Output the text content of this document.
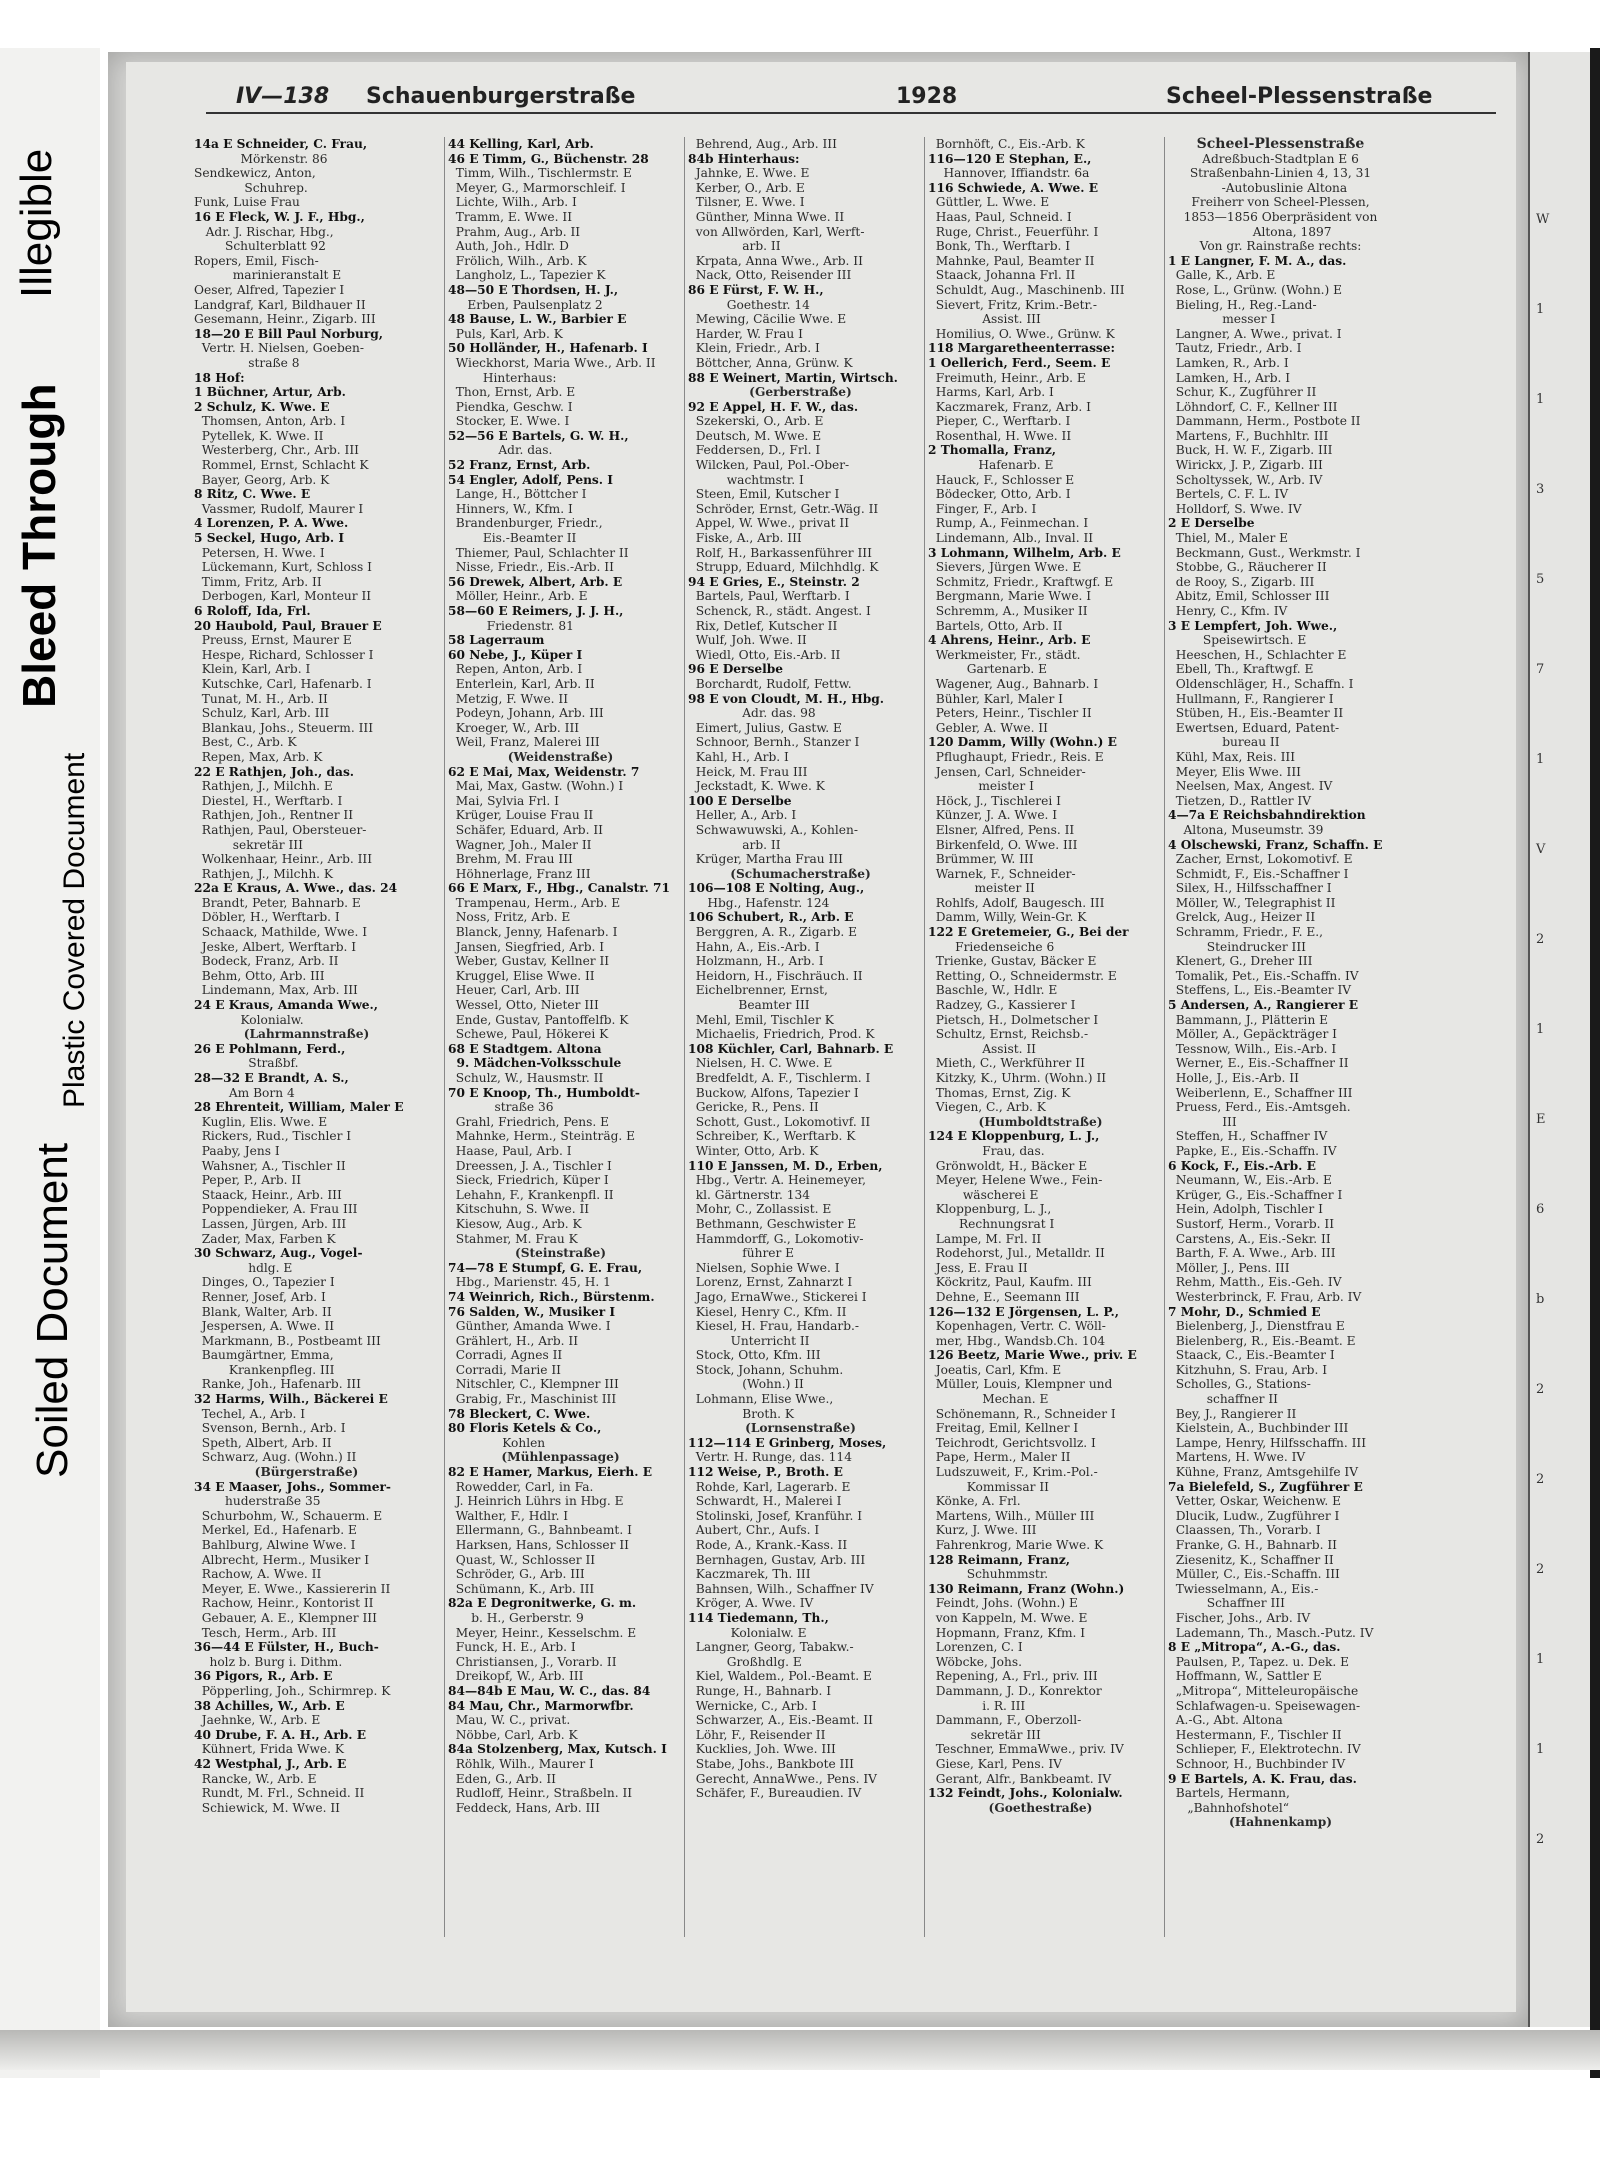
Soiled Document
Plastic Covered Document
Bleed Through
Illegible
IV—138 Schauenburgerstraße	1928	Scheel-Plessenstraße
14a E Schneider, C. Frau,
Mörkenstr. 86
Sendkewicz, Anton,
Schuhrep.
Funk, Luise Frau
16 E Fleck, W. J. F., Hbg.,
Adr. J. Rischar, Hbg.,
Schulterblatt 92
Ropers, Emil, Fisch-
marinieranstalt E
Oeser, Alfred, Tapezier I
Landgraf, Karl, Bildhauer II
Gesemann, Heinr., Zigarb. III
18—20 E Bill Paul Norburg,
Vertr. H. Nielsen, Goeben-
straße 8
18 Hof:
1 Büchner, Artur, Arb.
2 Schulz, K. Wwe. E
Thomsen, Anton, Arb. I
Pytellek, K. Wwe. II
Westerberg, Chr., Arb. III
Rommel, Ernst, Schlacht K
Bayer, Georg, Arb. K
8 Ritz, C. Wwe. E
Vassmer, Rudolf, Maurer I
4 Lorenzen, P. A. Wwe.
5 Seckel, Hugo, Arb. I
Petersen, H. Wwe. I
Lückemann, Kurt, Schloss I
Timm, Fritz, Arb. II
Derbogen, Karl, Monteur II
6 Roloff, Ida, Frl.
20 Haubold, Paul, Brauer E
Preuss, Ernst, Maurer E
Hespe, Richard, Schlosser I
Klein, Karl, Arb. I
Kutschke, Carl, Hafenarb. I
Tunat, M. H., Arb. II
Schulz, Karl, Arb. III
Blankau, Johs., Steuerm. III
Best, C., Arb. K
Repen, Max, Arb. K
22 E Rathjen, Joh., das.
Rathjen, J., Milchh. E
Diestel, H., Werftarb. I
Rathjen, Joh., Rentner II
Rathjen, Paul, Obersteuer-
sekretär III
Wolkenhaar, Heinr., Arb. III
Rathjen, J., Milchh. K
22a E Kraus, A. Wwe., das. 24
Brandt, Peter, Bahnarb. E
Döbler, H., Werftarb. I
Schaack, Mathilde, Wwe. I
Jeske, Albert, Werftarb. I
Bodeck, Franz, Arb. II
Behm, Otto, Arb. III
Lindemann, Max, Arb. III
24 E Kraus, Amanda Wwe.,
Kolonialw.
(Lahrmannstraße)
26 E Pohlmann, Ferd.,
Straßbf.
28—32 E Brandt, A. S.,
Am Born 4
28 Ehrenteit, William, Maler E
Kuglin, Elis. Wwe. E
Rickers, Rud., Tischler I
Paaby, Jens I
Wahsner, A., Tischler II
Peper, P., Arb. II
Staack, Heinr., Arb. III
Poppendieker, A. Frau III
Lassen, Jürgen, Arb. III
Zader, Max, Farben K
30 Schwarz, Aug., Vogel-
hdlg. E
Dinges, O., Tapezier I
Renner, Josef, Arb. I
Blank, Walter, Arb. II
Jespersen, A. Wwe. II
Markmann, B., Postbeamt III
Baumgärtner, Emma,
Krankenpfleg. III
Ranke, Joh., Hafenarb. III
32 Harms, Wilh., Bäckerei E
Techel, A., Arb. I
Svenson, Bernh., Arb. I
Speth, Albert, Arb. II
Schwarz, Aug. (Wohn.) II
(Bürgerstraße)
34 E Maaser, Johs., Sommer-
huderstraße 35
Schurbohm, W., Schauerm. E
Merkel, Ed., Hafenarb. E
Bahlburg, Alwine Wwe. I
Albrecht, Herm., Musiker I
Rachow, A. Wwe. II
Meyer, E. Wwe., Kassiererin II
Rachow, Heinr., Kontorist II
Gebauer, A. E., Klempner III
Tesch, Herm., Arb. III
36—44 E Fülster, H., Buch-
holz b. Burg i. Dithm.
36 Pigors, R., Arb. E
Pöpperling, Joh., Schirmrep. K
38 Achilles, W., Arb. E
Jaehnke, W., Arb. E
40 Drube, F. A. H., Arb. E
Kühnert, Frida Wwe. K
42 Westphal, J., Arb. E
Rancke, W., Arb. E
Rundt, M. Frl., Schneid. II
Schiewick, M. Wwe. II
44 Kelling, Karl, Arb.
46 E Timm, G., Büchenstr. 28
Timm, Wilh., Tischlermstr. E
Meyer, G., Marmorschleif. I
Lichte, Wilh., Arb. I
Tramm, E. Wwe. II
Prahm, Aug., Arb. II
Auth, Joh., Hdlr. D
Frölich, Wilh., Arb. K
Langholz, L., Tapezier K
48—50 E Thordsen, H. J.,
Erben, Paulsenplatz 2
48 Bause, L. W., Barbier E
Puls, Karl, Arb. K
50 Holländer, H., Hafenarb. I
Wieckhorst, Maria Wwe., Arb. II
Hinterhaus:
Thon, Ernst, Arb. E
Piendka, Geschw. I
Stocker, E. Wwe. I
52—56 E Bartels, G. W. H.,
Adr. das.
52 Franz, Ernst, Arb.
54 Engler, Adolf, Pens. I
Lange, H., Böttcher I
Hinners, W., Kfm. I
Brandenburger, Friedr.,
Eis.-Beamter II
Thiemer, Paul, Schlachter II
Nisse, Friedr., Eis.-Arb. II
56 Drewek, Albert, Arb. E
Möller, Heinr., Arb. E
58—60 E Reimers, J. J. H.,
Friedenstr. 81
58 Lagerraum
60 Nebe, J., Küper I
Repen, Anton, Arb. I
Enterlein, Karl, Arb. II
Metzig, F. Wwe. II
Podeyn, Johann, Arb. III
Kroeger, W., Arb. III
Weil, Franz, Malerei III
(Weidenstraße)
62 E Mai, Max, Weidenstr. 7
Mai, Max, Gastw. (Wohn.) I
Mai, Sylvia Frl. I
Krüger, Louise Frau II
Schäfer, Eduard, Arb. II
Wagner, Joh., Maler II
Brehm, M. Frau III
Höhnerlage, Franz III
66 E Marx, F., Hbg., Canalstr. 71
Trampenau, Herm., Arb. E
Noss, Fritz, Arb. E
Blanck, Jenny, Hafenarb. I
Jansen, Siegfried, Arb. I
Weber, Gustav, Kellner II
Kruggel, Elise Wwe. II
Heuer, Carl, Arb. III
Wessel, Otto, Nieter III
Ende, Gustav, Pantoffelfb. K
Schewe, Paul, Hökerei K
68 E Stadtgem. Altona
9. Mädchen-Volksschule
Schulz, W., Hausmstr. II
70 E Knoop, Th., Humboldt-
straße 36
Grahl, Friedrich, Pens. E
Mahnke, Herm., Steinträg. E
Haase, Paul, Arb. I
Dreessen, J. A., Tischler I
Sieck, Friedrich, Küper I
Lehahn, F., Krankenpfl. II
Kitschuhn, S. Wwe. II
Kiesow, Aug., Arb. K
Stahmer, M. Frau K
(Steinstraße)
74—78 E Stumpf, G. E. Frau,
Hbg., Marienstr. 45, H. 1
74 Weinrich, Rich., Bürstenm.
76 Salden, W., Musiker I
Günther, Amanda Wwe. I
Grählert, H., Arb. II
Corradi, Agnes II
Corradi, Marie II
Nitschler, C., Klempner III
Grabig, Fr., Maschinist III
78 Bleckert, C. Wwe.
80 Floris Ketels & Co.,
Kohlen
(Mühlenpassage)
82 E Hamer, Markus, Eierh. E
Rowedder, Carl, in Fa.
J. Heinrich Lührs in Hbg. E
Walther, F., Hdlr. I
Ellermann, G., Bahnbeamt. I
Harksen, Hans, Schlosser II
Quast, W., Schlosser II
Schröder, G., Arb. III
Schümann, K., Arb. III
82a E Degronitwerke, G. m.
b. H., Gerberstr. 9
Meyer, Heinr., Kesselschm. E
Funck, H. E., Arb. I
Christiansen, J., Vorarb. II
Dreikopf, W., Arb. III
84—84b E Mau, W. C., das. 84
84 Mau, Chr., Marmorwfbr.
Mau, W. C., privat.
Nöbbe, Carl, Arb. K
84a Stolzenberg, Max, Kutsch. I
Röhlk, Wilh., Maurer I
Eden, G., Arb. II
Rudloff, Heinr., Straßbeln. II
Feddeck, Hans, Arb. III
Behrend, Aug., Arb. III
84b Hinterhaus:
Jahnke, E. Wwe. E
Kerber, O., Arb. E
Tilsner, E. Wwe. I
Günther, Minna Wwe. II
von Allwörden, Karl, Werft-
arb. II
Krpata, Anna Wwe., Arb. II
Nack, Otto, Reisender III
86 E Fürst, F. W. H.,
Goethestr. 14
Mewing, Cäcilie Wwe. E
Harder, W. Frau I
Klein, Friedr., Arb. I
Böttcher, Anna, Grünw. K
88 E Weinert, Martin, Wirtsch.
(Gerberstraße)
92 E Appel, H. F. W., das.
Szekerski, O., Arb. E
Deutsch, M. Wwe. E
Feddersen, D., Frl. I
Wilcken, Paul, Pol.-Ober-
wachtmstr. I
Steen, Emil, Kutscher I
Schröder, Ernst, Getr.-Wäg. II
Appel, W. Wwe., privat II
Fiske, A., Arb. III
Rolf, H., Barkassenführer III
Strupp, Eduard, Milchhdlg. K
94 E Gries, E., Steinstr. 2
Bartels, Paul, Werftarb. I
Schenck, R., städt. Angest. I
Rix, Detlef, Kutscher II
Wulf, Joh. Wwe. II
Wiedl, Otto, Eis.-Arb. II
96 E Derselbe
Borchardt, Rudolf, Fettw.
98 E von Cloudt, M. H., Hbg.
Adr. das. 98
Eimert, Julius, Gastw. E
Schnoor, Bernh., Stanzer I
Kahl, H., Arb. I
Heick, M. Frau III
Jeckstadt, K. Wwe. K
100 E Derselbe
Heller, A., Arb. I
Schwawuwski, A., Kohlen-
arb. II
Krüger, Martha Frau III
(Schumacherstraße)
106—108 E Nolting, Aug.,
Hbg., Hafenstr. 124
106 Schubert, R., Arb. E
Berggren, A. R., Zigarb. E
Hahn, A., Eis.-Arb. I
Holzmann, H., Arb. I
Heidorn, H., Fischräuch. II
Eichelbrenner, Ernst,
Beamter III
Mehl, Emil, Tischler K
Michaelis, Friedrich, Prod. K
108 Küchler, Carl, Bahnarb. E
Nielsen, H. C. Wwe. E
Bredfeldt, A. F., Tischlerm. I
Buckow, Alfons, Tapezier I
Gericke, R., Pens. II
Schott, Gust., Lokomotivf. II
Schreiber, K., Werftarb. K
Winter, Otto, Arb. K
110 E Janssen, M. D., Erben,
Hbg., Vertr. A. Heinemeyer,
kl. Gärtnerstr. 134
Mohr, C., Zollassist. E
Bethmann, Geschwister E
Hammdorff, G., Lokomotiv-
führer E
Nielsen, Sophie Wwe. I
Lorenz, Ernst, Zahnarzt I
Jago, ErnaWwe., Stickerei I
Kiesel, Henry C., Kfm. II
Kiesel, H. Frau, Handarb.-
Unterricht II
Stock, Otto, Kfm. III
Stock, Johann, Schuhm.
(Wohn.) II
Lohmann, Elise Wwe.,
Broth. K
(Lornsenstraße)
112—114 E Grinberg, Moses,
Vertr. H. Runge, das. 114
112 Weise, P., Broth. E
Rohde, Karl, Lagerarb. E
Schwardt, H., Malerei I
Stolinski, Josef, Kranführ. I
Aubert, Chr., Aufs. I
Rode, A., Krank.-Kass. II
Bernhagen, Gustav, Arb. III
Kaczmarek, Th. III
Bahnsen, Wilh., Schaffner IV
Kröger, A. Wwe. IV
114 Tiedemann, Th.,
Kolonialw. E
Langner, Georg, Tabakw.-
Großhdlg. E
Kiel, Waldem., Pol.-Beamt. E
Runge, H., Bahnarb. I
Wernicke, C., Arb. I
Schwarzer, A., Eis.-Beamt. II
Löhr, F., Reisender II
Kucklies, Joh. Wwe. III
Stabe, Johs., Bankbote III
Gerecht, AnnaWwe., Pens. IV
Schäfer, F., Bureaudien. IV
Bornhöft, C., Eis.-Arb. K
116—120 E Stephan, E.,
Hannover, Iffiandstr. 6a
116 Schwiede, A. Wwe. E
Güttler, L. Wwe. E
Haas, Paul, Schneid. I
Ruge, Christ., Feuerführ. I
Bonk, Th., Werftarb. I
Mahnke, Paul, Beamter II
Staack, Johanna Frl. II
Schuldt, Aug., Maschinenb. III
Sievert, Fritz, Krim.-Betr.-
Assist. III
Homilius, O. Wwe., Grünw. K
118 Margaretheenterrasse:
1 Oellerich, Ferd., Seem. E
Freimuth, Heinr., Arb. E
Harms, Karl, Arb. I
Kaczmarek, Franz, Arb. I
Pieper, C., Werftarb. I
Rosenthal, H. Wwe. II
2 Thomalla, Franz,
Hafenarb. E
Hauck, F., Schlosser E
Bödecker, Otto, Arb. I
Finger, F., Arb. I
Rump, A., Feinmechan. I
Lindemann, Alb., Inval. II
3 Lohmann, Wilhelm, Arb. E
Sievers, Jürgen Wwe. E
Schmitz, Friedr., Kraftwgf. E
Bergmann, Marie Wwe. I
Schremm, A., Musiker II
Bartels, Otto, Arb. II
4 Ahrens, Heinr., Arb. E
Werkmeister, Fr., städt.
Gartenarb. E
Wagener, Aug., Bahnarb. I
Bühler, Karl, Maler I
Peters, Heinr., Tischler II
Gebler, A. Wwe. II
120 Damm, Willy (Wohn.) E
Pflughaupt, Friedr., Reis. E
Jensen, Carl, Schneider-
meister I
Höck, J., Tischlerei I
Künzer, J. A. Wwe. I
Elsner, Alfred, Pens. II
Birkenfeld, O. Wwe. III
Brümmer, W. III
Warnek, F., Schneider-
meister II
Rohlfs, Adolf, Baugesch. III
Damm, Willy, Wein-Gr. K
122 E Gretemeier, G., Bei der
Friedenseiche 6
Trienke, Gustav, Bäcker E
Retting, O., Schneidermstr. E
Baschle, W., Hdlr. E
Radzey, G., Kassierer I
Pietsch, H., Dolmetscher I
Schultz, Ernst, Reichsb.-
Assist. II
Mieth, C., Werkführer II
Kitzky, K., Uhrm. (Wohn.) II
Thomas, Ernst, Zig. K
Viegen, C., Arb. K
(Humboldtstraße)
124 E Kloppenburg, L. J.,
Frau, das.
Grönwoldt, H., Bäcker E
Meyer, Helene Wwe., Fein-
wäscherei E
Kloppenburg, L. J.,
Rechnungsrat I
Lampe, M. Frl. II
Rodehorst, Jul., Metalldr. II
Jess, E. Frau II
Köckritz, Paul, Kaufm. III
Dehne, E., Seemann III
126—132 E Jörgensen, L. P.,
Kopenhagen, Vertr. C. Wöll-
mer, Hbg., Wandsb.Ch. 104
126 Beetz, Marie Wwe., priv. E
Joeatis, Carl, Kfm. E
Müller, Louis, Klempner und
Mechan. E
Schönemann, R., Schneider I
Freitag, Emil, Kellner I
Teichrodt, Gerichtsvollz. I
Pape, Herm., Maler II
Ludszuweit, F., Krim.-Pol.-
Kommissar II
Könke, A. Frl.
Martens, Wilh., Müller III
Kurz, J. Wwe. III
Fahrenkrog, Marie Wwe. K
128 Reimann, Franz,
Schuhmmstr.
130 Reimann, Franz (Wohn.)
Feindt, Johs. (Wohn.) E
von Kappeln, M. Wwe. E
Hopmann, Franz, Kfm. I
Lorenzen, C. I
Wöbcke, Johs.
Repening, A., Frl., priv. III
Dammann, J. D., Konrektor
i. R. III
Dammann, F., Oberzoll-
sekretär III
Teschner, EmmaWwe., priv. IV
Giese, Karl, Pens. IV
Gerant, Alfr., Bankbeamt. IV
132 Feindt, Johs., Kolonialw.
(Goethestraße)
Scheel-Plessenstraße
Adreßbuch-Stadtplan E 6
Straßenbahn-Linien 4, 13, 31
-Autobuslinie Altona
Freiherr von Scheel-Plessen,
1853—1856 Oberpräsident von
Altona, 1897
Von gr. Rainstraße rechts:
1 E Langner, F. M. A., das.
Galle, K., Arb. E
Rose, L., Grünw. (Wohn.) E
Bieling, H., Reg.-Land-
messer I
Langner, A. Wwe., privat. I
Tautz, Friedr., Arb. I
Lamken, R., Arb. I
Lamken, H., Arb. I
Schur, K., Zugführer II
Löhndorf, C. F., Kellner III
Dammann, Herm., Postbote II
Martens, F., Buchhltr. III
Buck, H. W. F., Zigarb. III
Wirickx, J. P., Zigarb. III
Scholtyssek, W., Arb. IV
Bertels, C. F. L. IV
Holldorf, S. Wwe. IV
2 E Derselbe
Thiel, M., Maler E
Beckmann, Gust., Werkmstr. I
Stobbe, G., Räucherer II
de Rooy, S., Zigarb. III
Abitz, Emil, Schlosser III
Henry, C., Kfm. IV
3 E Lempfert, Joh. Wwe.,
Speisewirtsch. E
Heeschen, H., Schlachter E
Ebell, Th., Kraftwgf. E
Oldenschläger, H., Schaffn. I
Hullmann, F., Rangierer I
Stüben, H., Eis.-Beamter II
Ewertsen, Eduard, Patent-
bureau II
Kühl, Max, Reis. III
Meyer, Elis Wwe. III
Neelsen, Max, Angest. IV
Tietzen, D., Rattler IV
4—7a E Reichsbahndirektion
Altona, Museumstr. 39
4 Olschewski, Franz, Schaffn. E
Zacher, Ernst, Lokomotivf. E
Schmidt, F., Eis.-Schaffner I
Silex, H., Hilfsschaffner I
Möller, W., Telegraphist II
Grelck, Aug., Heizer II
Schramm, Friedr., F. E.,
Steindrucker III
Klenert, G., Dreher III
Tomalik, Pet., Eis.-Schaffn. IV
Steffens, L., Eis.-Beamter IV
5 Andersen, A., Rangierer E
Bammann, J., Plätterin E
Möller, A., Gepäckträger I
Tessnow, Wilh., Eis.-Arb. I
Werner, E., Eis.-Schaffner II
Holle, J., Eis.-Arb. II
Weiberlenn, E., Schaffner III
Pruess, Ferd., Eis.-Amtsgeh.
III
Steffen, H., Schaffner IV
Papke, E., Eis.-Schaffn. IV
6 Kock, F., Eis.-Arb. E
Neumann, W., Eis.-Arb. E
Krüger, G., Eis.-Schaffner I
Hein, Adolph, Tischler I
Sustorf, Herm., Vorarb. II
Carstens, A., Eis.-Sekr. II
Barth, F. A. Wwe., Arb. III
Möller, J., Pens. III
Rehm, Matth., Eis.-Geh. IV
Westerbrinck, F. Frau, Arb. IV
7 Mohr, D., Schmied E
Bielenberg, J., Dienstfrau E
Bielenberg, R., Eis.-Beamt. E
Staack, C., Eis.-Beamter I
Kitzhuhn, S. Frau, Arb. I
Scholles, G., Stations-
schaffner II
Bey, J., Rangierer II
Kielstein, A., Buchbinder III
Lampe, Henry, Hilfsschaffn. III
Martens, H. Wwe. IV
Kühne, Franz, Amtsgehilfe IV
7a Bielefeld, S., Zugführer E
Vetter, Oskar, Weichenw. E
Dlucik, Ludw., Zugführer I
Claassen, Th., Vorarb. I
Franke, G. H., Bahnarb. II
Ziesenitz, K., Schaffner II
Müller, C., Eis.-Schaffn. III
Twiesselmann, A., Eis.-
Schaffner III
Fischer, Johs., Arb. IV
Lademann, Th., Masch.-Putz. IV
8 E „Mitropa“, A.-G., das.
Paulsen, P., Tapez. u. Dek. E
Hoffmann, W., Sattler E
„Mitropa“, Mitteleuropäische
Schlafwagen-u. Speisewagen-
A.-G., Abt. Altona
Hestermann, F., Tischler II
Schlieper, F., Elektrotechn. IV
Schnoor, H., Buchbinder IV
9 E Bartels, A. K. Frau, das.
Bartels, Hermann,
„Bahnhofshotel“
(Hahnenkamp)
W
1
1
3
5
7
1
V
2
1
E
6
b
2
2
2
1
1
2
